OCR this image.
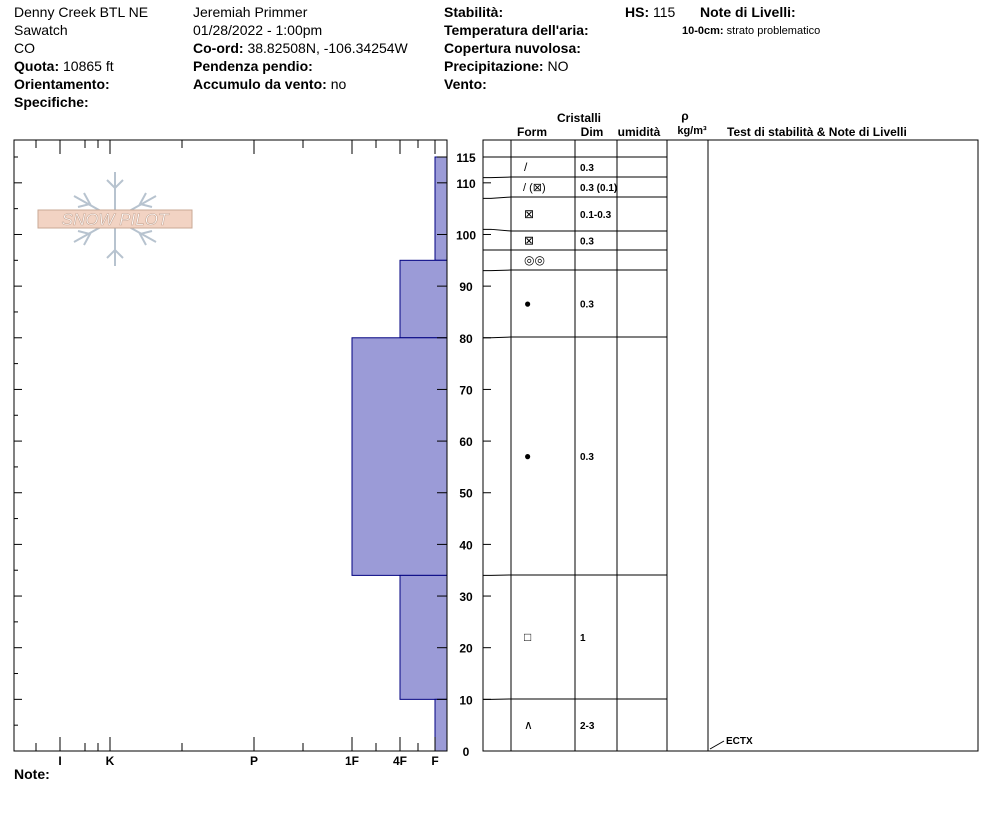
Denny Creek BTL NE
Sawatch
CO
Quota: 10865 ft
Orientamento:
Specifiche:
Jeremiah Primmer
01/28/2022 - 1:00pm
Co-ord: 38.82508N, -106.34254W
Pendenza pendio:
Accumulo da vento: no
Stabilità:
Temperatura dell'aria:
Copertura nuvolosa:
Precipitazione: NO
Vento:
HS: 115 Note di Livelli:
10-0cm: strato problematico
Note:
SNOW PILOT
I	K	P	1F	4F F
0
10
20
30
40
50
60
70
80
90
100
110
115
Cristalli
Form	Dim umidità
ρ
kg/m³ Test di stabilità & Note di Livelli
/	0.3
/ (⊠)	0.3 (0.1)
⊠	0.1-0.3
⊠	0.3
◎◎
●	0.3
●	0.3
□	1
∧	2-3
ECTX
